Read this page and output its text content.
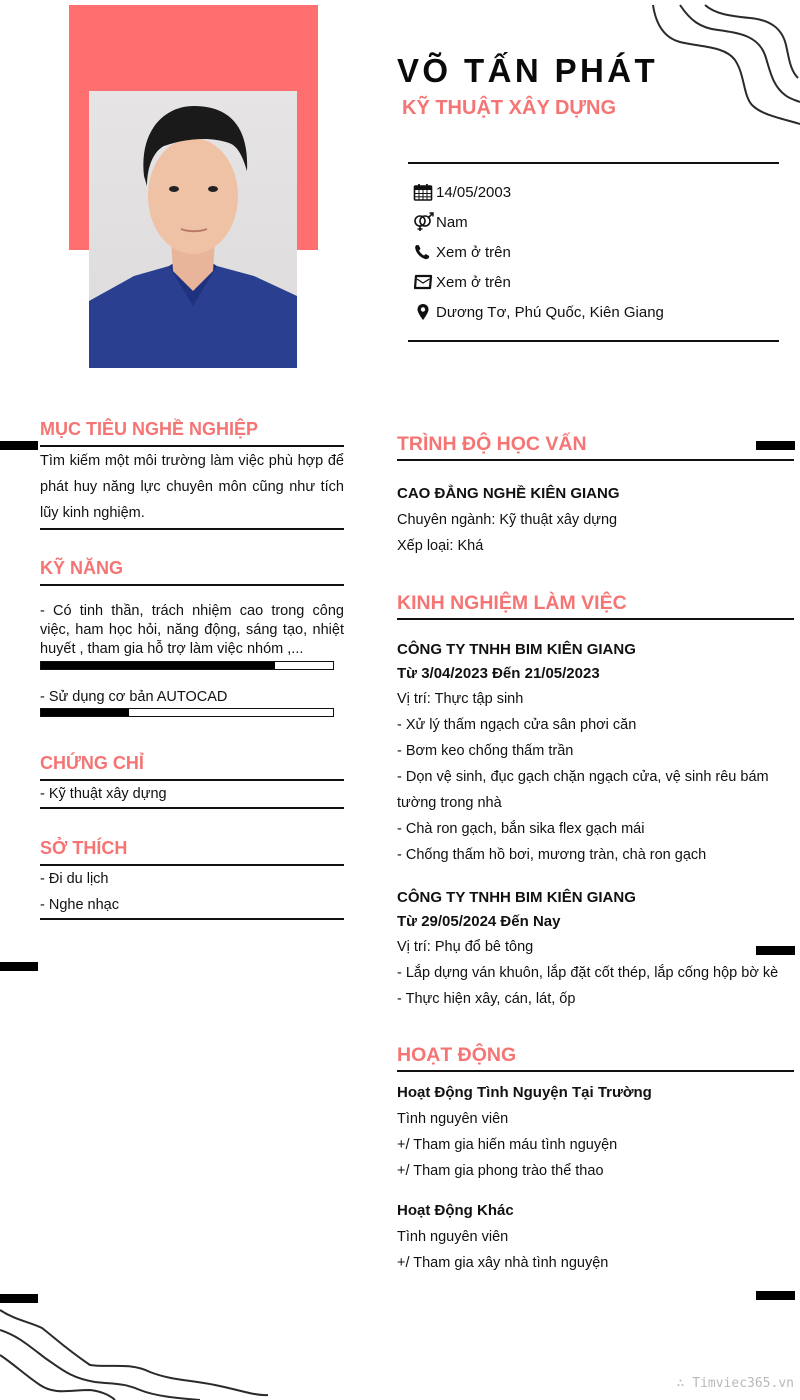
VÕ TẤN PHÁT
KỸ THUẬT XÂY DỰNG
14/05/2003
Nam
Xem ở trên
Xem ở trên
Dương Tơ, Phú Quốc, Kiên Giang
MỤC TIÊU NGHỀ NGHIỆP
Tìm kiếm một môi trường làm việc phù hợp để phát huy năng lực chuyên môn cũng như tích lũy kinh nghiệm.
KỸ NĂNG
- Có tinh thần, trách nhiệm cao trong công việc, ham học hỏi, năng động, sáng tạo, nhiệt huyết , tham gia hỗ trợ làm việc nhóm ,...
- Sử dụng cơ bản AUTOCAD
CHỨNG CHỈ
- Kỹ thuật xây dựng
SỞ THÍCH
- Đi du lịch
- Nghe nhạc
TRÌNH ĐỘ HỌC VẤN
CAO ĐẲNG NGHỀ KIÊN GIANG
Chuyên ngành: Kỹ thuật xây dựng
Xếp loại: Khá
KINH NGHIỆM LÀM VIỆC
CÔNG TY TNHH BIM KIÊN GIANG
Từ 3/04/2023 Đến 21/05/2023
Vị trí: Thực tập sinh
- Xử lý thấm ngạch cửa sân phơi căn
- Bơm keo chống thấm trần
- Dọn vệ sinh, đục gạch chặn ngạch cửa, vệ sinh rêu bám tường trong nhà
- Chà ron gạch, bắn sika flex gạch mái
- Chống thấm hồ bơi, mương tràn, chà ron gạch
CÔNG TY TNHH BIM KIÊN GIANG
Từ 29/05/2024 Đến Nay
Vị trí: Phụ đổ bê tông
- Lắp dựng ván khuôn, lắp đặt cốt thép, lắp cống hộp bờ kè
- Thực hiện xây, cán, lát, ốp
HOẠT ĐỘNG
Hoạt Động Tình Nguyện Tại Trường
Tình nguyên viên
+/ Tham gia hiến máu tình nguyện
+/ Tham gia phong trào thể thao
Hoạt Động Khác
Tình nguyên viên
+/ Tham gia xây nhà tình nguyện
∴ Timviec365.vn
